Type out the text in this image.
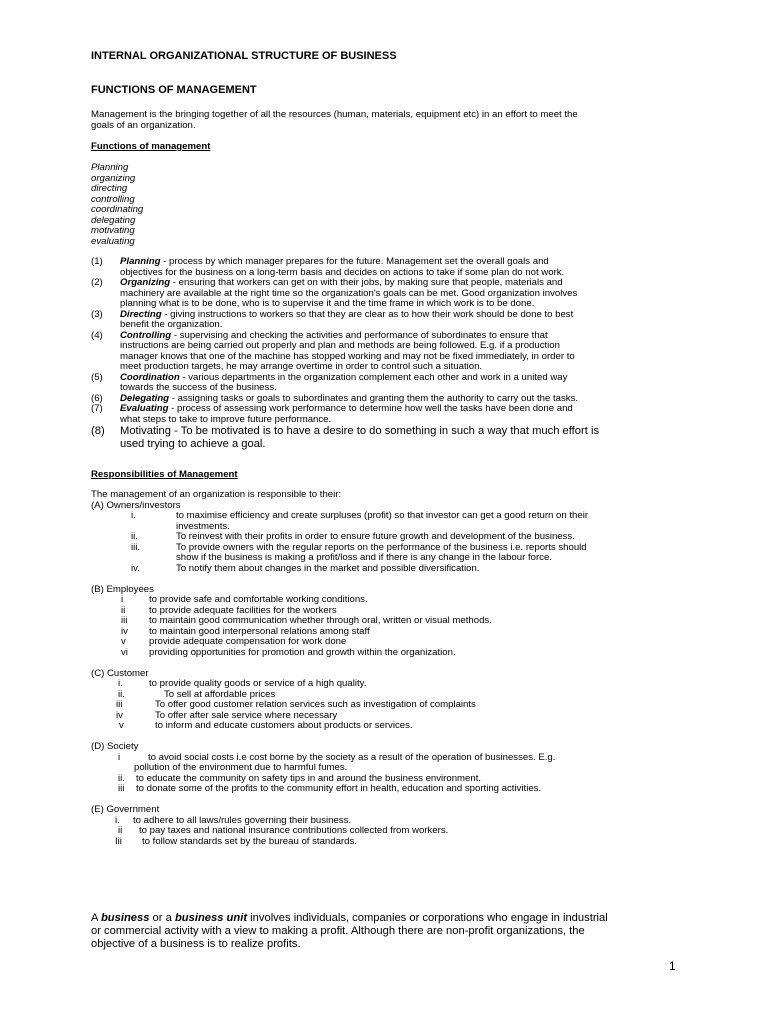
INTERNAL ORGANIZATIONAL STRUCTURE OF BUSINESS
FUNCTIONS OF MANAGEMENT
Management is the bringing together of all the resources (human, materials, equipment etc) in an effort to meet the
goals of an organization.
Functions of management
Planning
organizing
directing
controlling
coordinating
delegating
motivating
evaluating
(1) Planning - process by which manager prepares for the future. Management set the overall goals and
objectives for the business on a long-term basis and decides on actions to take if some plan do not work.
(2) Organizing - ensuring that workers can get on with their jobs, by making sure that people, materials and
machinery are available at the right time so the organization's goals can be met. Good organization involves
planning what is to be done, who is to supervise it and the time frame in which work is to be done.
(3) Directing - giving instructions to workers so that they are clear as to how their work should be done to best
benefit the organization.
(4) Controlling - supervising and checking the activities and performance of subordinates to ensure that
instructions are being carried out properly and plan and methods are being followed. E.g. if a production
manager knows that one of the machine has stopped working and may not be fixed immediately, in order to
meet production targets, he may arrange overtime in order to control such a situation.
(5) Coordination - various departments in the organization complement each other and work in a united way
towards the success of the business.
(6) Delegating - assigning tasks or goals to subordinates and granting them the authority to carry out the tasks.
(7) Evaluating - process of assessing work performance to determine how well the tasks have been done and
what steps to take to improve future performance.
(8) Motivating - To be motivated is to have a desire to do something in such a way that much effort is
used trying to achieve a goal.
Responsibilities of Management
The management of an organization is responsible to their:
(A) Owners/investors
i.	to maximise efficiency and create surpluses (profit) so that investor can get a good return on their
investments.
ii.	To reinvest with their profits in order to ensure future growth and development of the business.
iii.	To provide owners with the regular reports on the performance of the business i.e. reports should
show if the business is making a profit/loss and if there is any change in the labour force.
iv.	To notify them about changes in the market and possible diversification.
(B) Employees
i	to provide safe and comfortable working conditions.
ii to provide adequate facilities for the workers
iii to maintain good communication whether through oral, written or visual methods.
iv to maintain good interpersonal relations among staff
v provide adequate compensation for work done
vi providing opportunities for promotion and growth within the organization.
(C) Customer
i.	to provide quality goods or service of a high quality.
ii.	To sell at affordable prices
iii	To offer good customer relation services such as investigation of complaints
iv	To offer after sale service where necessary
v	to inform and educate customers about products or services.
(D) Society
i	to avoid social costs i.e cost borne by the society as a result of the operation of businesses. E.g.
pollution of the environment due to harmful fumes.
ii. to educate the community on safety tips in and around the business environment.
iii to donate some of the profits to the community effort in health, education and sporting activities.
(E) Government
i. to adhere to all laws/rules governing their business.
ii to pay taxes and national insurance contributions collected from workers.
Iii to follow standards set by the bureau of standards.
A business or a business unit involves individuals, companies or corporations who engage in industrial
or commercial activity with a view to making a profit. Although there are non-profit organizations, the
objective of a business is to realize profits.
1
